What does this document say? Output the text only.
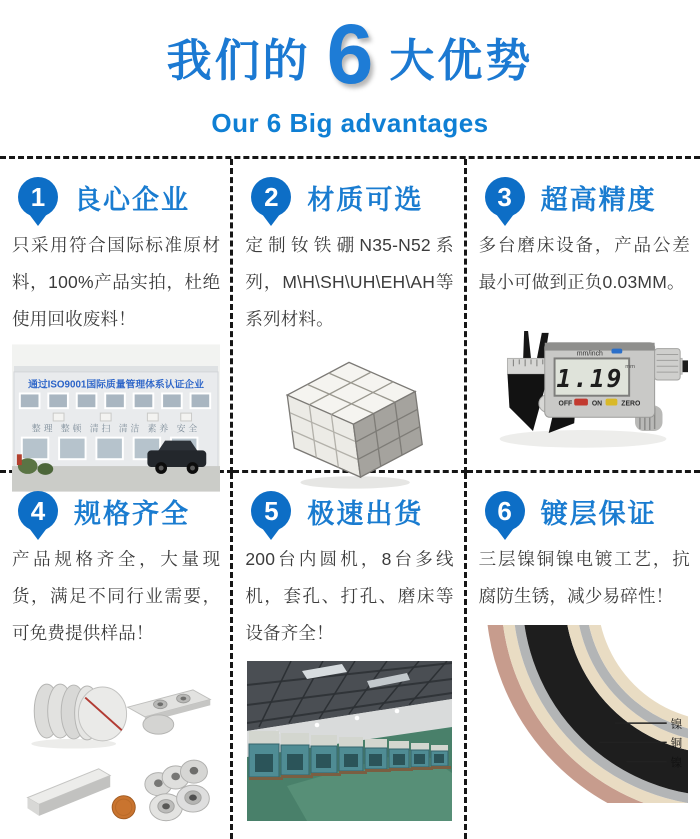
我们的 6 大优势
Our 6 Big advantages
1	良心企业

只采用符合国际标准原材料，100%产品实拍，杜绝使用回收废料！

通过ISO9001国际质量管理体系认证企业
整理 整顿 清扫 清洁 素养 安全
2	材质可选

定制钕铁硼N35-N52系列，M\H\SH\UH\EH\AH等系列材料。

3	超高精度

多台磨床设备，产品公差最小可做到正负0.03MM。

mm/inch
1.19 mm
OFF	ON	ZERO
4	规格齐全

产品规格齐全，大量现货，满足不同行业需要，可免费提供样品！

5	极速出货

200台内圆机，8台多线机，套孔、打孔、磨床等设备齐全！

6	镀层保证

三层镍铜镍电镀工艺，抗腐防生锈，减少易碎性！

镍
铜
镍
